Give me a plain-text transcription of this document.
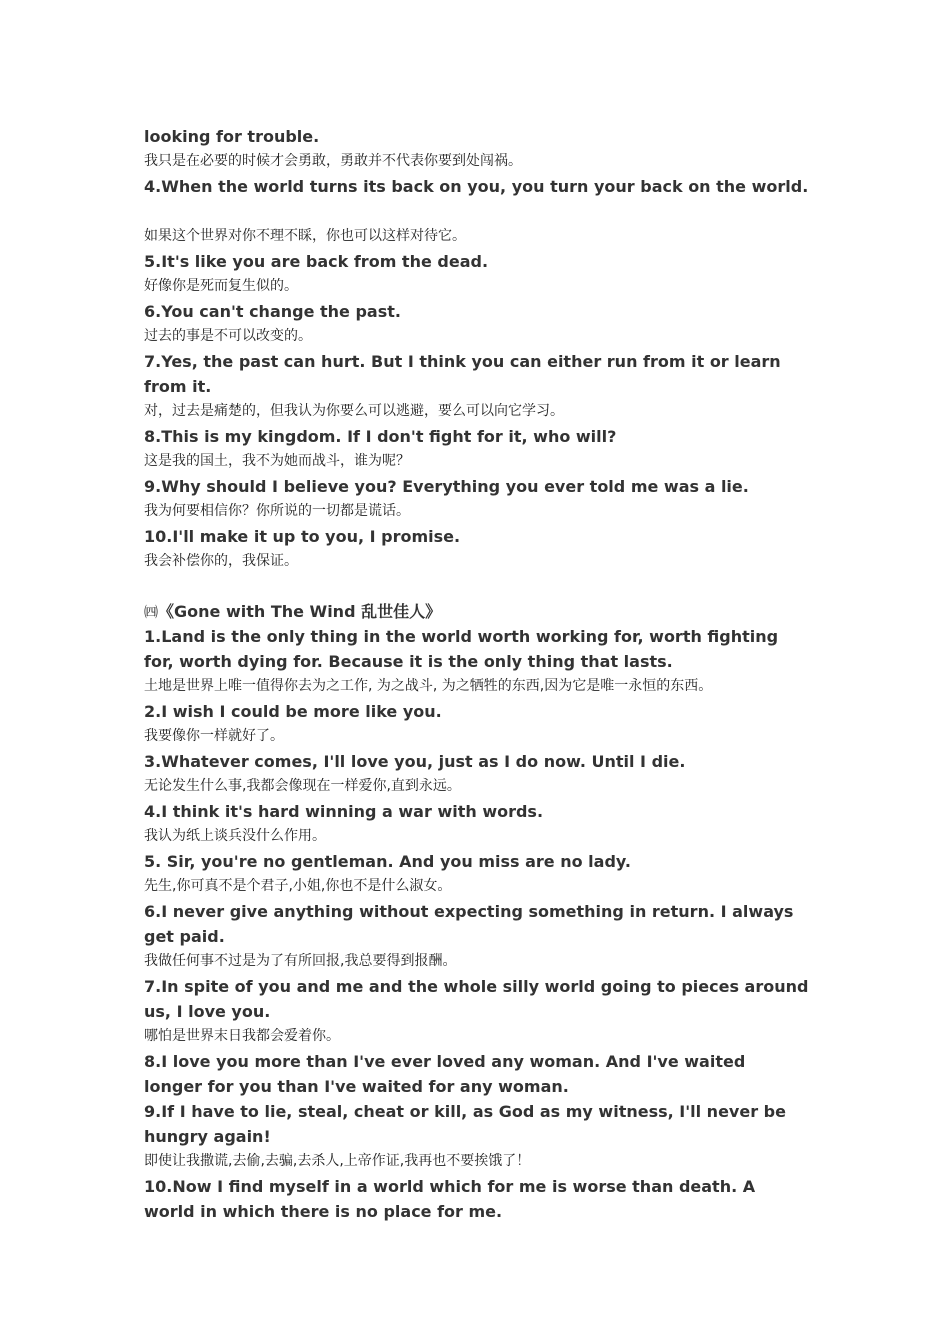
looking for trouble.
我只是在必要的时候才会勇敢，勇敢并不代表你要到处闯祸。
4.When the world turns its back on you, you turn your back on the world.
如果这个世界对你不理不睬，你也可以这样对待它。
5.It's like you are back from the dead.
好像你是死而复生似的。
6.You can't change the past.
过去的事是不可以改变的。
7.Yes, the past can hurt. But I think you can either run from it or learn
from it.
对，过去是痛楚的，但我认为你要么可以逃避，要么可以向它学习。
8.This is my kingdom. If I don't fight for it, who will?
这是我的国土，我不为她而战斗，谁为呢？
9.Why should I believe you? Everything you ever told me was a lie.
我为何要相信你？你所说的一切都是谎话。
10.I'll make it up to you, I promise.
我会补偿你的，我保证。
㈣《Gone with The Wind 乱世佳人》
1.Land is the only thing in the world worth working for, worth fighting
for, worth dying for. Because it is the only thing that lasts.
土地是世界上唯一值得你去为之工作, 为之战斗, 为之牺牲的东西,因为它是唯一永恒的东西。
2.I wish I could be more like you.
我要像你一样就好了。
3.Whatever comes, I'll love you, just as I do now. Until I die.
无论发生什么事,我都会像现在一样爱你,直到永远。
4.I think it's hard winning a war with words.
我认为纸上谈兵没什么作用。
5. Sir, you're no gentleman. And you miss are no lady.
先生,你可真不是个君子,小姐,你也不是什么淑女。
6.I never give anything without expecting something in return. I always
get paid.
我做任何事不过是为了有所回报,我总要得到报酬。
7.In spite of you and me and the whole silly world going to pieces around
us, I love you.
哪怕是世界末日我都会爱着你。
8.I love you more than I've ever loved any woman. And I've waited
longer for you than I've waited for any woman.
9.If I have to lie, steal, cheat or kill, as God as my witness, I'll never be
hungry again!
即使让我撒谎,去偷,去骗,去杀人,上帝作证,我再也不要挨饿了！
10.Now I find myself in a world which for me is worse than death. A
world in which there is no place for me.
